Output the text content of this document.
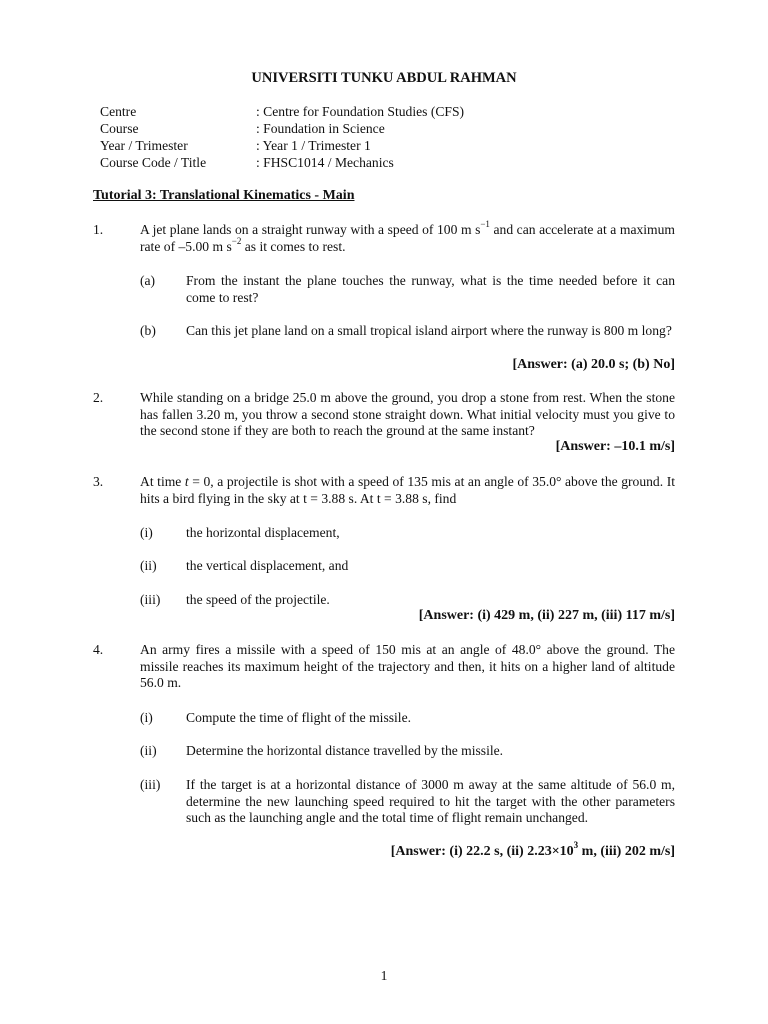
UNIVERSITI TUNKU ABDUL RAHMAN
Centre	: Centre for Foundation Studies (CFS)
Course	: Foundation in Science
Year / Trimester	: Year 1 / Trimester 1
Course Code / Title	: FHSC1014 / Mechanics
Tutorial 3: Translational Kinematics - Main
1.	A jet plane lands on a straight runway with a speed of 100 m $s^{-1}$ and can accelerate at a maximum rate of –5.00 m $s^{-2}$ as it comes to rest.
(a) From the instant the plane touches the runway, what is the time needed before it can come to rest?
(b) Can this jet plane land on a small tropical island airport where the runway is 800 m long?
[Answer: (a) 20.0 s; (b) No]
2.	While standing on a bridge 25.0 m above the ground, you drop a stone from rest. When the stone has fallen 3.20 m, you throw a second stone straight down. What initial velocity must you give to the second stone if they are both to reach the ground at the same instant?
[Answer: –10.1 m/s]
3.	At time t = 0, a projectile is shot with a speed of 135 mis at an angle of 35.0° above the ground. It hits a bird flying in the sky at t = 3.88 s. At t = 3.88 s, find
(i) the horizontal displacement,
(ii) the vertical displacement, and
(iii) the speed of the projectile.
[Answer: (i) 429 m, (ii) 227 m, (iii) 117 m/s]
4.	An army fires a missile with a speed of 150 mis at an angle of 48.0° above the ground. The missile reaches its maximum height of the trajectory and then, it hits on a higher land of altitude 56.0 m.
(i) Compute the time of flight of the missile.
(ii) Determine the horizontal distance travelled by the missile.
(iii) If the target is at a horizontal distance of 3000 m away at the same altitude of 56.0 m, determine the new launching speed required to hit the target with the other parameters such as the launching angle and the total time of flight remain unchanged.
[Answer: (i) 22.2 s, (ii) $2.23\times 10^3$ m, (iii) 202 m/s]
1
